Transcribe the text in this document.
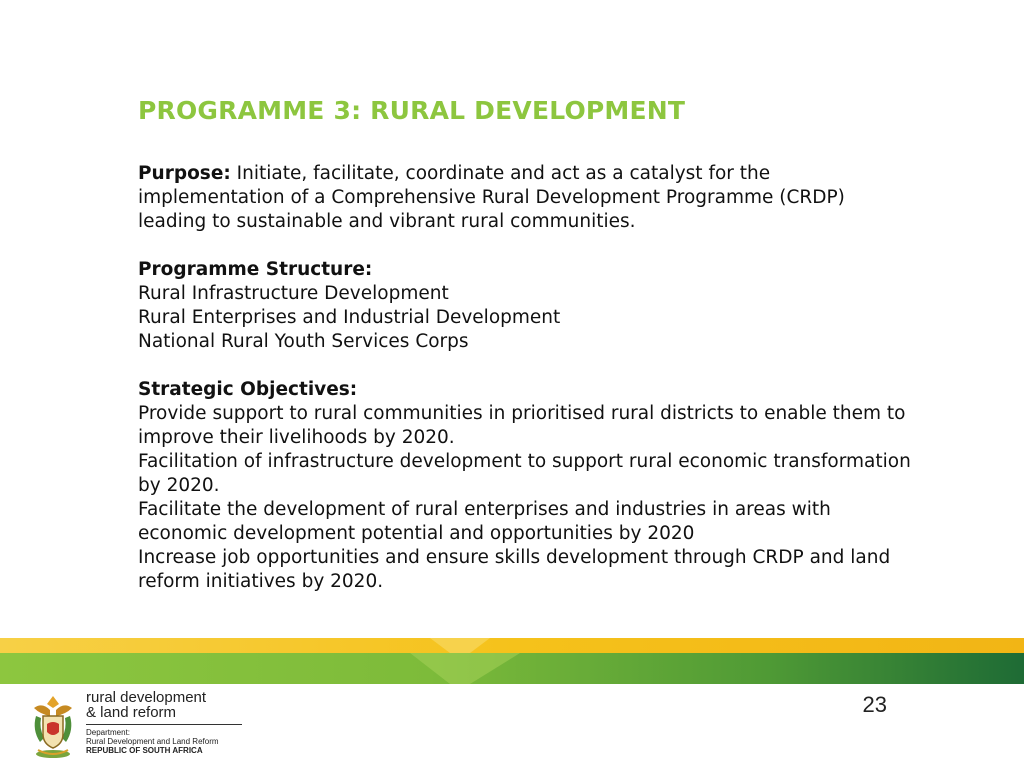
PROGRAMME 3: RURAL DEVELOPMENT

Purpose: Initiate, facilitate, coordinate and act as a catalyst for the implementation of a Comprehensive Rural Development Programme (CRDP) leading to sustainable and vibrant rural communities.

Programme Structure:
Rural Infrastructure Development
Rural Enterprises and Industrial Development
National Rural Youth Services Corps
Strategic Objectives:
Provide support to rural communities in prioritised rural districts to enable them to improve their livelihoods by 2020.
Facilitation of infrastructure development to support rural economic transformation by 2020.
Facilitate the development of rural enterprises and industries in areas with economic development potential and opportunities by 2020
Increase job opportunities and ensure skills development through CRDP and land reform initiatives by 2020.
23
rural development
& land reform
Department:
Rural Development and Land Reform
REPUBLIC OF SOUTH AFRICA
